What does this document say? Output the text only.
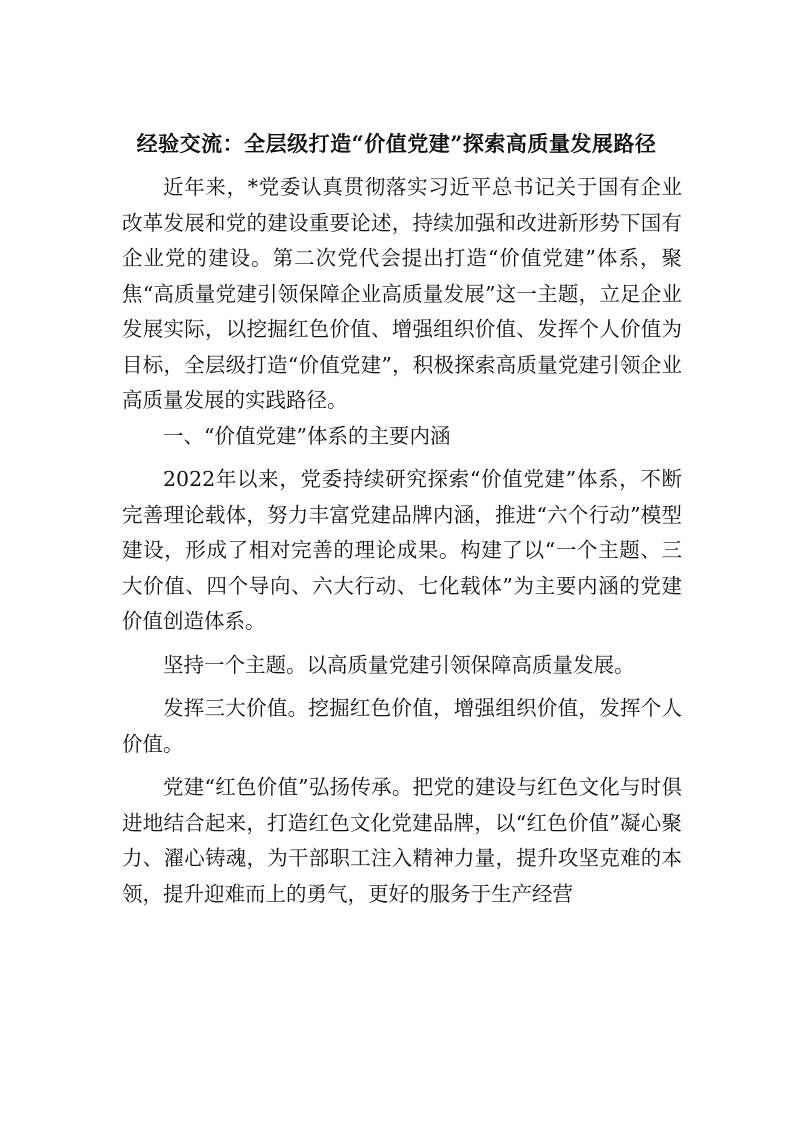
经验交流：全层级打造“价值党建”探索高质量发展路径

近年来，*党委认真贯彻落实习近平总书记关于国有企业改革发展和党的建设重要论述，持续加强和改进新形势下国有企业党的建设。第二次党代会提出打造“价值党建”体系，聚焦“高质量党建引领保障企业高质量发展”这一主题，立足企业发展实际，以挖掘红色价值、增强组织价值、发挥个人价值为目标，全层级打造“价值党建”，积极探索高质量党建引领企业高质量发展的实践路径。

一、“价值党建”体系的主要内涵

2022年以来，党委持续研究探索“价值党建”体系，不断完善理论载体，努力丰富党建品牌内涵，推进“六个行动”模型建设，形成了相对完善的理论成果。构建了以“一个主题、三大价值、四个导向、六大行动、七化载体”为主要内涵的党建价值创造体系。

坚持一个主题。以高质量党建引领保障高质量发展。

发挥三大价值。挖掘红色价值，增强组织价值，发挥个人价值。

党建“红色价值”弘扬传承。把党的建设与红色文化与时俱进地结合起来，打造红色文化党建品牌，以“红色价值”凝心聚力、濯心铸魂，为干部职工注入精神力量，提升攻坚克难的本领，提升迎难而上的勇气，更好的服务于生产经营
